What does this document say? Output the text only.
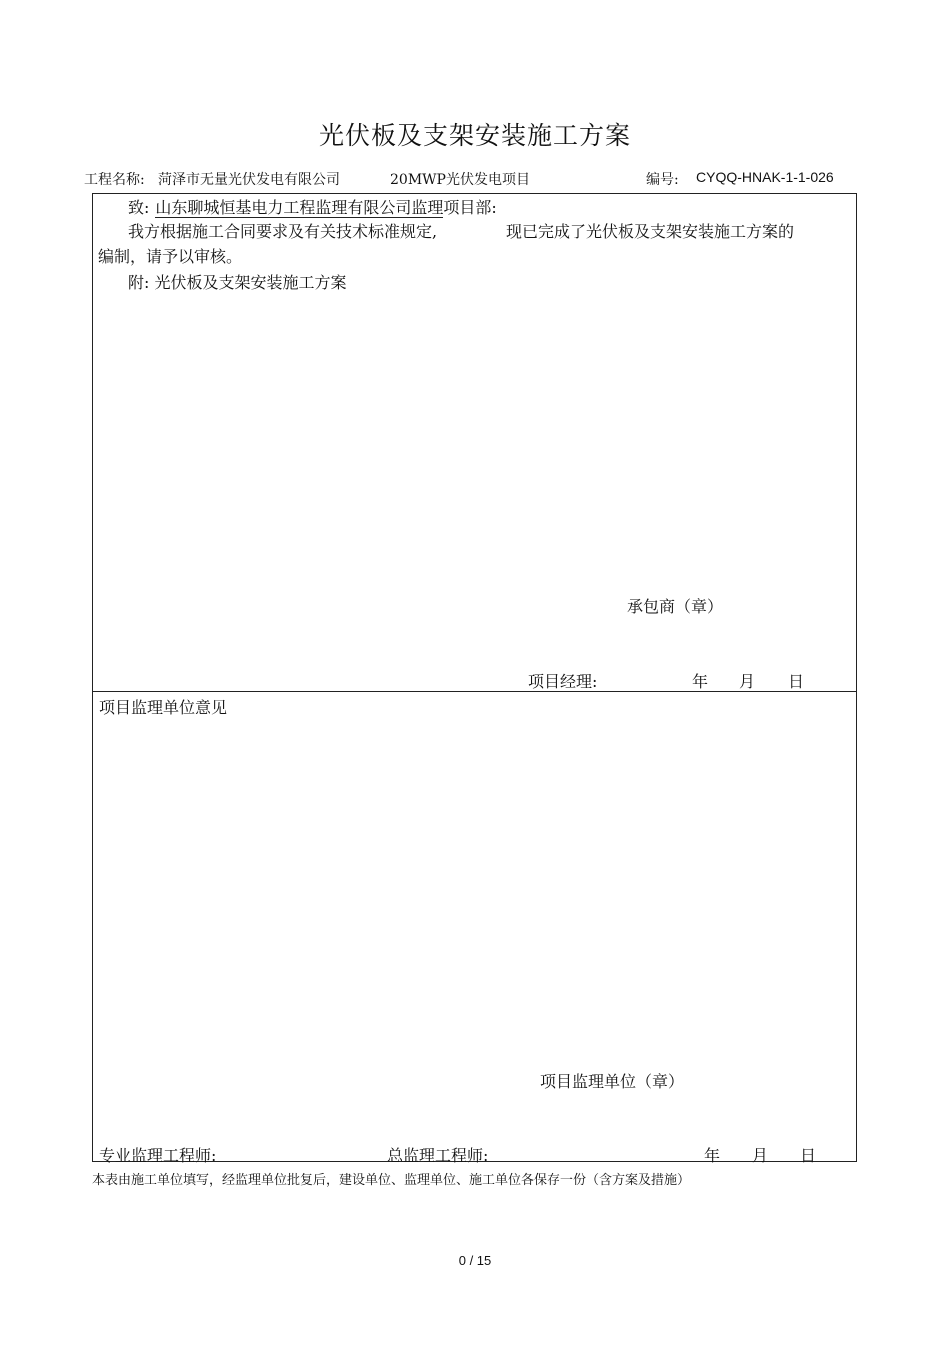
光伏板及支架安装施工方案
工程名称: 菏泽市无量光伏发电有限公司	20MWP光伏发电项目	编号: CYQQ-HNAK-1-1-026
致: 山东聊城恒基电力工程监理有限公司监理项目部:
我方根据施工合同要求及有关技术标准规定,	现已完成了光伏板及支架安装施工方案的
编制，请予以审核。
附: 光伏板及支架安装施工方案
承包商（章）
项目经理:	年 月 日
项目监理单位意见
项目监理单位（章）
专业监理工程师:	总监理工程师:	年 月 日
本表由施工单位填写，经监理单位批复后，建设单位、监理单位、施工单位各保存一份（含方案及措施）
0 / 15
